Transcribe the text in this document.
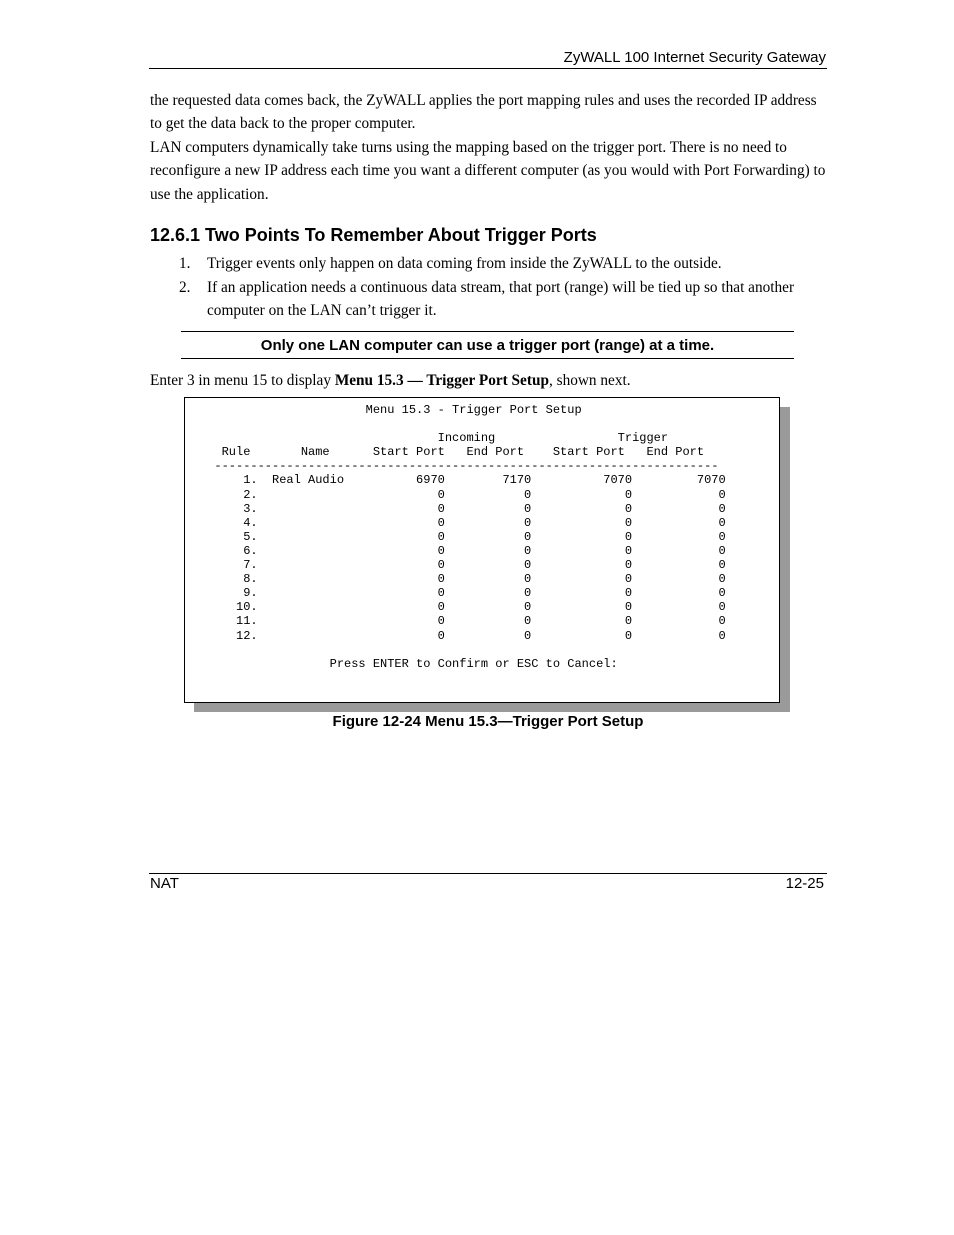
ZyWALL 100 Internet Security Gateway

the requested data comes back, the ZyWALL applies the port mapping rules and uses the recorded IP address to get the data back to the proper computer.

LAN computers dynamically take turns using the mapping based on the trigger port. There is no need to reconfigure a new IP address each time you want a different computer (as you would with Port Forwarding) to use the application.

12.6.1 Two Points To Remember About Trigger Ports
1. Trigger events only happen on data coming from inside the ZyWALL to the outside.
2. If an application needs a continuous data stream, that port (range) will be tied up so that another computer on the LAN can’t trigger it.
Only one LAN computer can use a trigger port (range) at a time.
Enter 3 in menu 15 to display Menu 15.3 — Trigger Port Setup, shown next.
Menu 15.3 - Trigger Port Setup

Incoming                 Trigger
Rule       Name      Start Port   End Port    Start Port   End Port
----------------------------------------------------------------------
1.  Real Audio          6970        7170          7070         7070
2.                         0           0             0            0
3.                         0           0             0            0
4.                         0           0             0            0
5.                         0           0             0            0
6.                         0           0             0            0
7.                         0           0             0            0
8.                         0           0             0            0
9.                         0           0             0            0
10.                         0           0             0            0
11.                         0           0             0            0
12.                         0           0             0            0

Press ENTER to Confirm or ESC to Cancel:

Figure 12-24 Menu 15.3—Trigger Port Setup
NAT	12-25
